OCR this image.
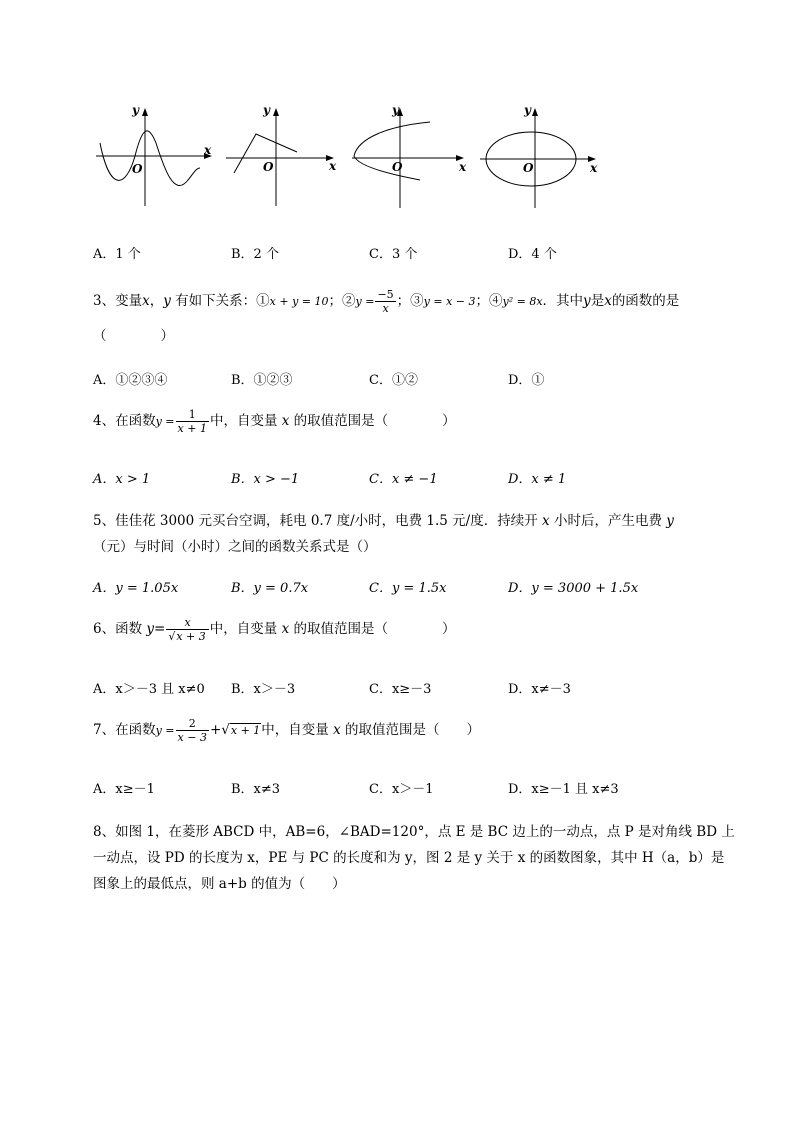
y
x
O
y
x
O
y
x
O
y
x
O
A．1 个	B．2 个	C．3 个	D．4 个
3、变量x，y 有如下关系：①x + y = 10；②y = $\frac{-5}{x}$ ；③y = x − 3；④y² = 8x．其中y是x的函数的是
（　　　　）
A．①②③④	B．①②③	C．①②	D．①
4、在函数$y = \frac{1}{x + 1}$ 中，自变量 x 的取值范围是（　　　　）
A．x > 1	B．x > −1	C．x ≠ −1	D．x ≠ 1
5、佳佳花 3000 元买台空调，耗电 0.7 度/小时，电费 1.5 元/度．持续开 x 小时后，产生电费 y
（元）与时间（小时）之间的函数关系式是（）
A．y = 1.05x	B．y = 0.7x	C．y = 1.5x	D．y = 3000 + 1.5x
6、函数 $y= \frac{x}{√x + 3}$ 中，自变量 x 的取值范围是（　　　　）
A．x＞－3 且 x≠0 B．x＞－3	C．x≥－3	D．x≠－3
7、在函数$y = \frac{2}{x - 3} +√x + 1$中，自变量 x 的取值范围是（　　）
A．x≥－1	B．x≠3	C．x＞－1	D．x≥－1 且 x≠3
8、如图 1，在菱形 ABCD 中，AB=6，∠BAD=120°，点 E 是 BC 边上的一动点，点 P 是对角线 BD 上
一动点，设 PD 的长度为 x，PE 与 PC 的长度和为 y，图 2 是 y 关于 x 的函数图象，其中 H（a，b）是
图象上的最低点，则 a+b 的值为（　　）
